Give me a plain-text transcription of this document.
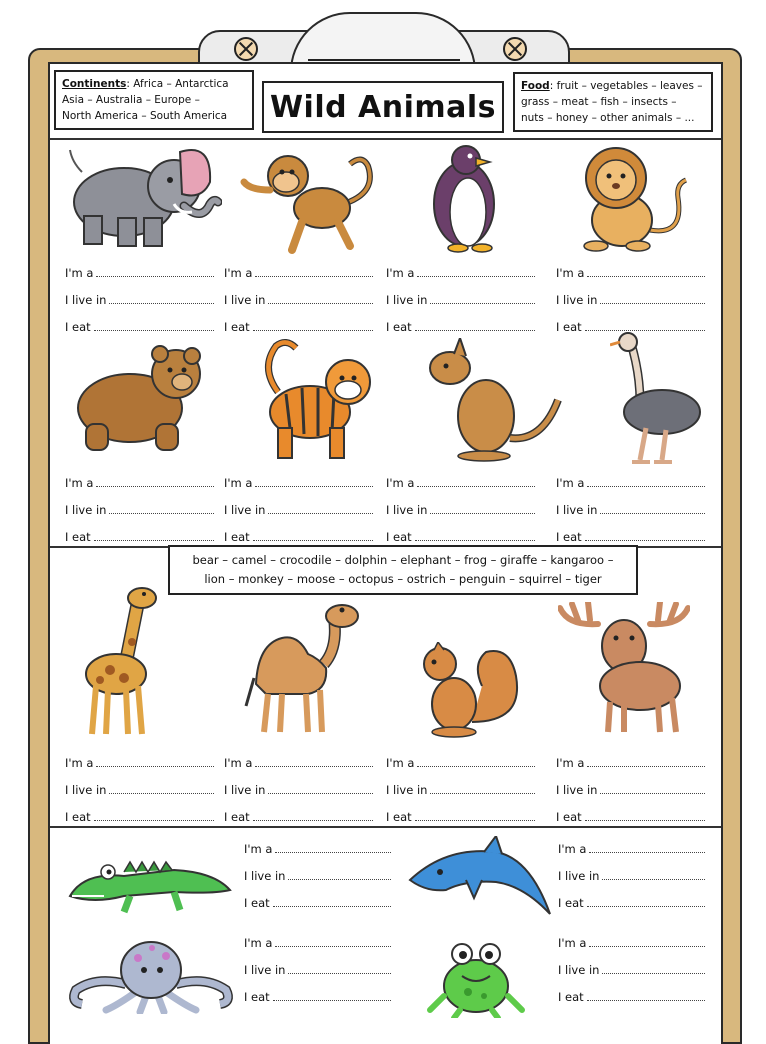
Continents: Africa – Antarctica
Asia – Australia – Europe –
North America – South America	Wild Animals
Food: fruit – vegetables – leaves –
grass – meat – fish – insects –
nuts – honey – other animals – ...
bear – camel – crocodile – dolphin – elephant – frog – giraffe – kangaroo –
lion – monkey – moose – octopus – ostrich – penguin – squirrel – tiger
I'm a
I live in
I eat
I'm a
I live in
I eat
I'm a
I live in
I eat
I'm a
I live in
I eat
I'm a
I live in
I eat
I'm a
I live in
I eat
I'm a
I live in
I eat
I'm a
I live in
I eat
I'm a
I live in
I eat
I'm a
I live in
I eat
I'm a
I live in
I eat
I'm a
I live in
I eat
I'm a
I live in
I eat
I'm a
I live in
I eat
I'm a
I live in
I eat
I'm a
I live in
I eat
